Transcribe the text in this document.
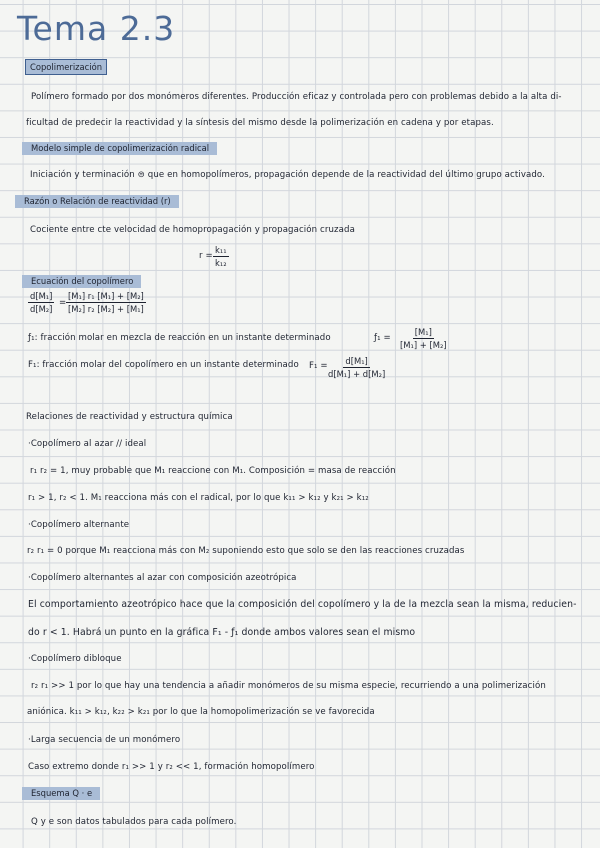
Tema 2.3
Copolimerización
Polímero formado por dos monómeros diferentes. Producción eficaz y controlada pero con problemas debido a la alta di-
ficultad de predecir la reactividad y la síntesis del mismo desde la polimerización en cadena y por etapas.
Modelo simple de copolimerización radical
Iniciación y terminación ⊜ que en homopolímeros, propagación depende de la reactividad del último grupo activado.
Razón o Relación de reactividad (r)
Cociente entre cte velocidad de homopropagación y propagación cruzada
$r = \frac{\text{k₁₁}}{\text{k₁₂}}$
Ecuación del copolímero
$\frac{\text{d[M₁]}}{\text{d[M₂]}} = \frac{\text{[M₁] r₁ [M₁] + [M₂]}}{\text{[M₂] r₂ [M₂] + [M₁]}}$
ƒ₁: fracción molar en mezcla de reacción en un instante determinado	ƒ₁ = $\frac{\text{[M₁]}}{\text{[M₁] + [M₂]}}$
F₁: fracción molar del copolímero en un instante determinado F₁ =
$\frac{\text{d[M₁]}}{\text{d[M₁] + d[M₂]}}$
Relaciones de reactividad y estructura química
·Copolímero al azar // ideal
r₁ r₂ = 1, muy probable que M₁ reaccione con M₁. Composición = masa de reacción
r₁ > 1, r₂ < 1. M₁ reacciona más con el radical, por lo que k₁₁ > k₁₂ y k₂₁ > k₁₂
·Copolímero alternante
r₂ r₁ = 0 porque M₁ reacciona más con M₂ suponiendo esto que solo se den las reacciones cruzadas
·Copolímero alternantes al azar con composición azeotrópica
El comportamiento azeotrópico hace que la composición del copolímero y la de la mezcla sean la misma, reducien-
do r < 1. Habrá un punto en la gráfica F₁ - ƒ₁ donde ambos valores sean el mismo
·Copolímero dibloque
r₂ r₁ >> 1 por lo que hay una tendencia a añadir monómeros de su misma especie, recurriendo a una polimerización
aniónica. k₁₁ > k₁₂, k₂₂ > k₂₁ por lo que la homopolimerización se ve favorecida
·Larga secuencia de un monómero
Caso extremo donde r₁ >> 1 y r₂ << 1, formación homopolímero
Esquema Q · e
Q y e son datos tabulados para cada polímero.
